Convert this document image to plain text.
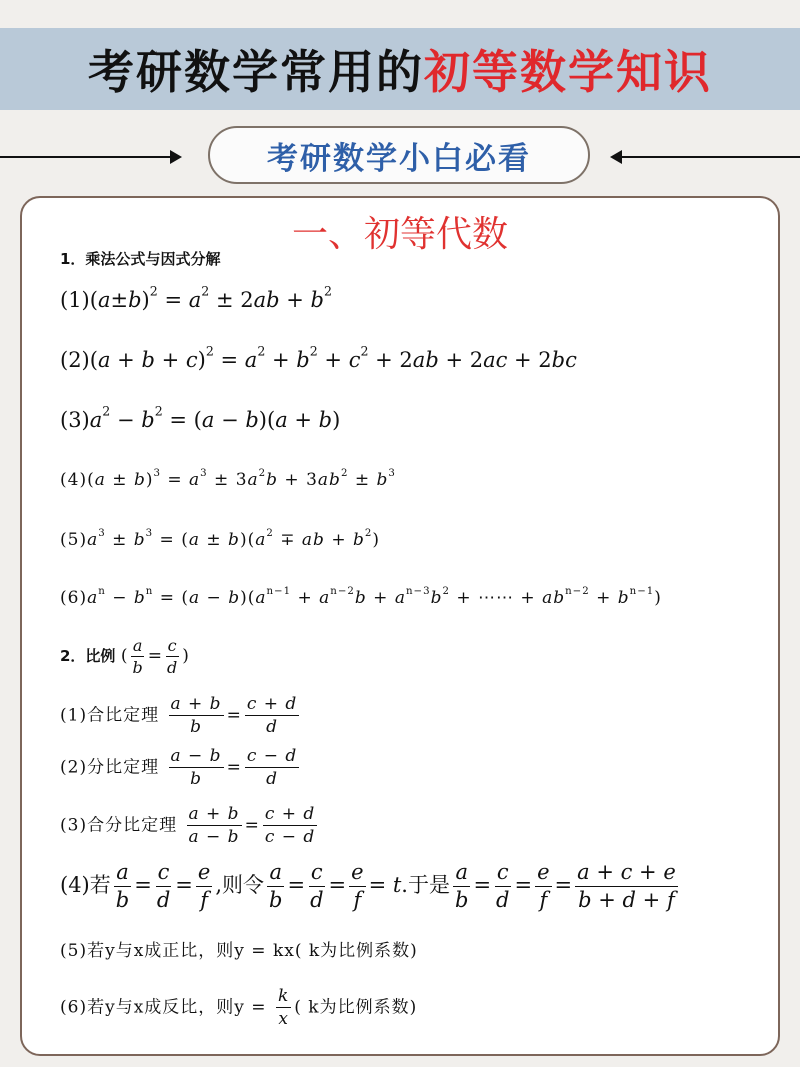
考研数学常用的 初等数学知识
考研数学小白必看
一、初等代数
1．乘法公式与因式分解
$(1)(a\pm b)^2 = a^2 \pm 2ab + b^2$
$(2)(a + b + c)^2 = a^2 + b^2 + c^2 + 2ab + 2ac + 2bc$
$(3)a^2 - b^2 = (a - b)(a + b)$
$(4)(a \pm b)^3 = a^3 \pm 3a^2b + 3ab^2 \pm b^3$
$(5)a^3 \pm b^3 = (a \pm b)(a^2$ ∓ ab + $b^2$)
$(6)a^n - b^n = (a - b)(a^{n-1} + a^{n-2}b + a^{n-3}b^2$ + ⋯⋯ + $ab^{n-2} + b^{n-1}$)
2．比例 ( $\frac{a}{b} = \frac{c}{d}$ )
(1)合比定理 $\frac{a + b}{b} = \frac{c + d}{d}$
(2)分比定理 $\frac{a - b}{b} = \frac{c - d}{d}$
(3)合分比定理 $\frac{a + b}{a - b} = \frac{c + d}{c - d}$
(4)若 $\frac{a}{b} = \frac{c}{d} = \frac{e}{f}$ ,则令 $\frac{a}{b} = \frac{c}{d} = \frac{e}{f} = t$.于是 $\frac{a}{b} = \frac{c}{d} = \frac{e}{f} = \frac{a + c + e}{b + d + f}$
(5)若y与x成正比，则y = kx( k为比例系数)
(6)若y与x成反比，则$y = \frac{k}{x}$ ( k为比例系数)
